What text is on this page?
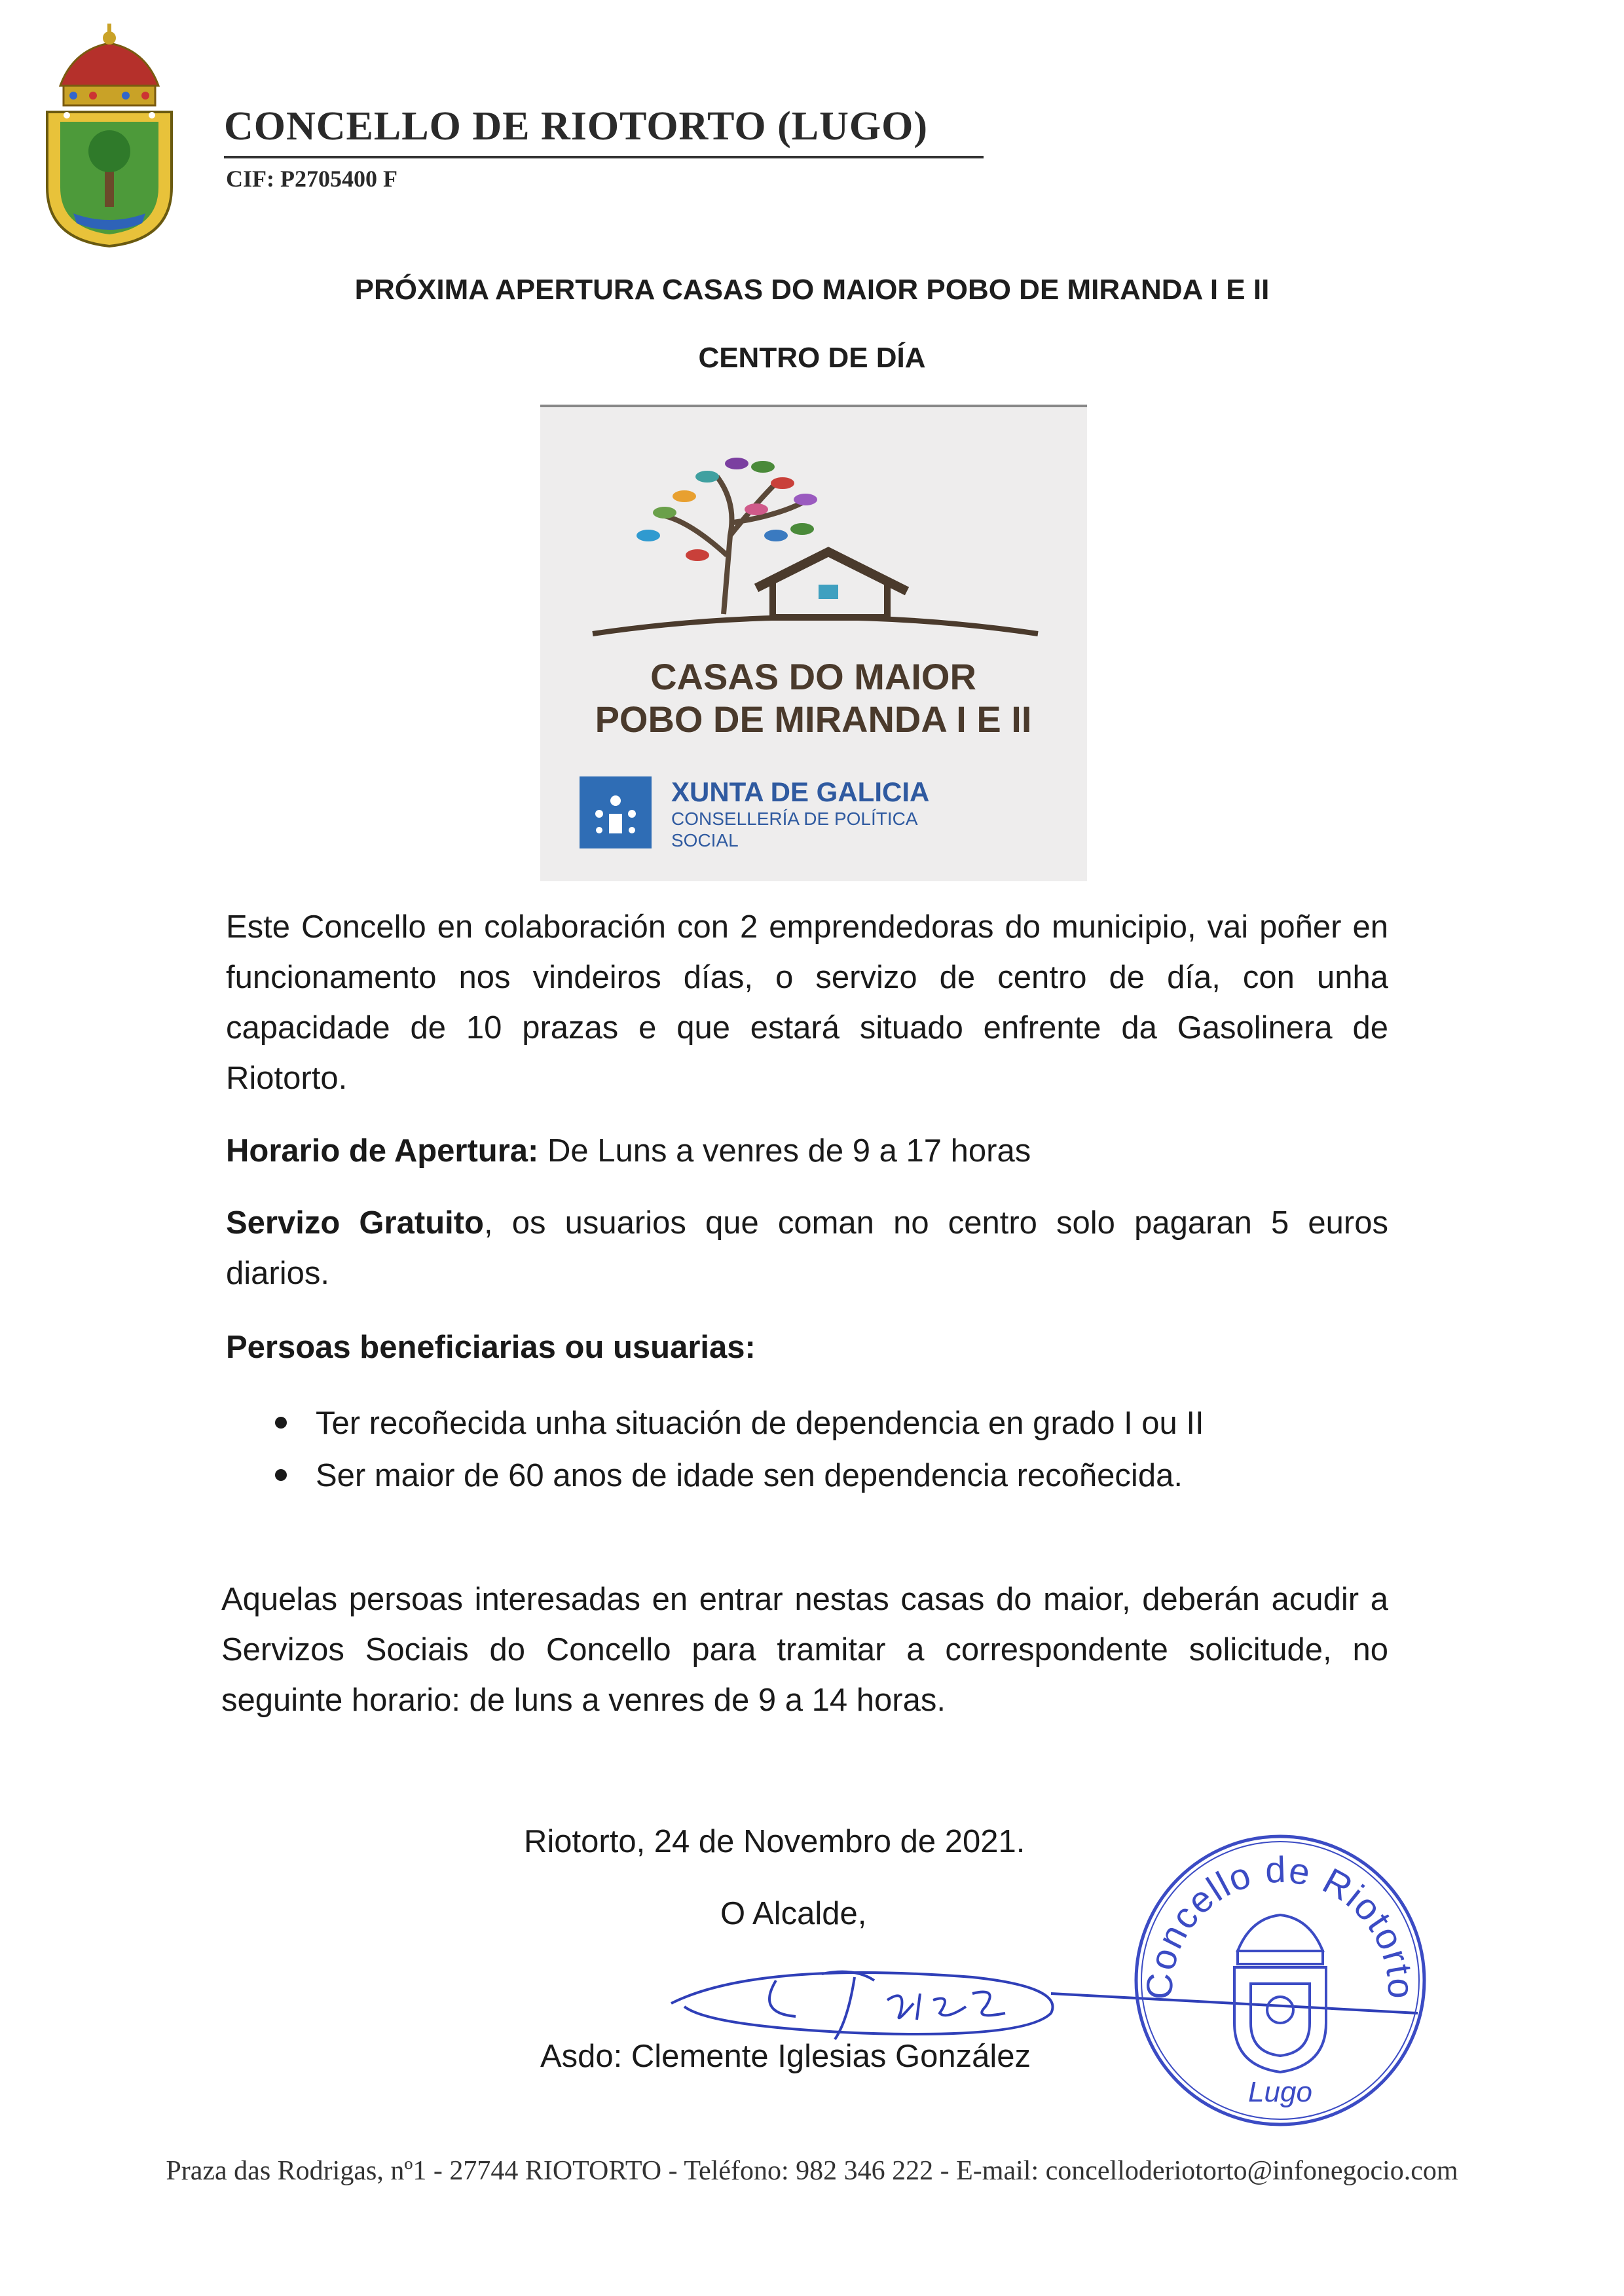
CONCELLO DE RIOTORTO (LUGO)
CIF: P2705400 F
PRÓXIMA APERTURA CASAS DO MAIOR POBO DE MIRANDA I E II
CENTRO DE DÍA
CASAS DO MAIOR
POBO DE MIRANDA I E II
XUNTA DE GALICIA
CONSELLERÍA DE POLÍTICA
SOCIAL
Este Concello en colaboración con 2 emprendedoras do municipio, vai poñer en funcionamento nos vindeiros días, o servizo de centro de día, con unha capacidade de 10 prazas e que estará situado enfrente da Gasolinera de Riotorto.
Horario de Apertura: De Luns a venres de 9 a 17 horas
Servizo Gratuito, os usuarios que coman no centro solo pagaran 5 euros diarios.
Persoas beneficiarias ou usuarias:
Ter recoñecida unha situación de dependencia en grado I ou II
Ser maior de 60 anos de idade sen dependencia recoñecida.
Aquelas persoas interesadas en entrar nestas casas do maior, deberán acudir a Servizos Sociais do Concello para tramitar a correspondente solicitude, no seguinte horario: de luns a venres de 9 a 14 horas.
Riotorto, 24 de Novembro de 2021.
O Alcalde,
Asdo: Clemente Iglesias González
Concello de Riotorto
Lugo
Praza das Rodrigas, nº1 - 27744 RIOTORTO - Teléfono: 982 346 222 - E-mail: concelloderiotorto@infonegocio.com
